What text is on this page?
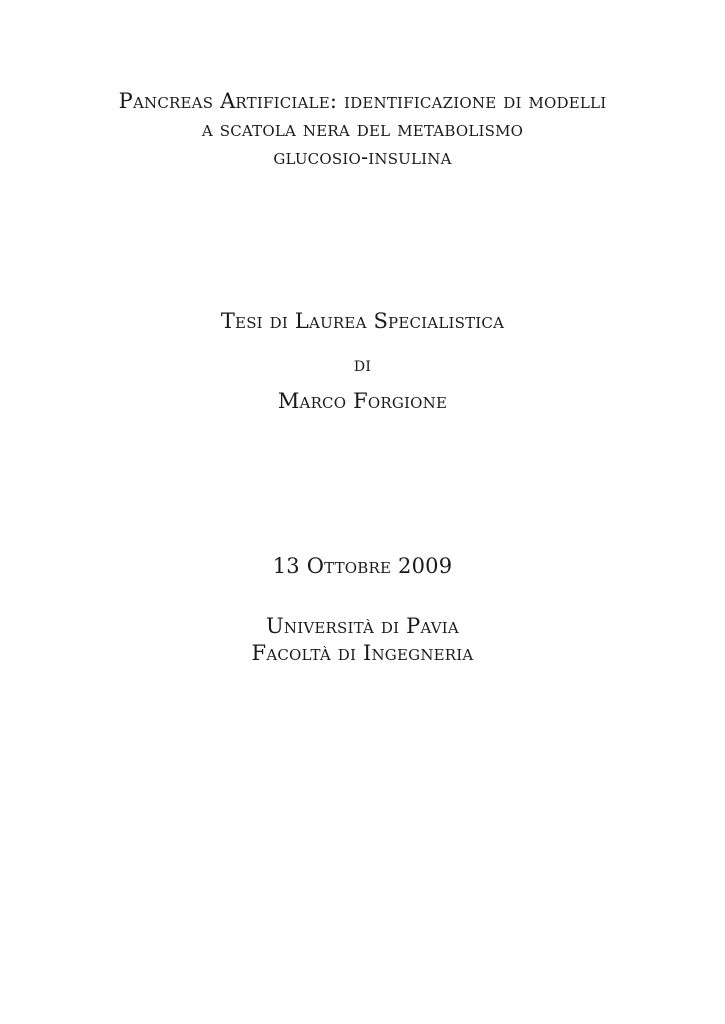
Pancreas Artificiale: identificazione di modelli
a scatola nera del metabolismo
glucosio-insulina
Tesi di Laurea Specialistica
di
Marco Forgione
13 Ottobre 2009
Università di Pavia
Facoltà di Ingegneria
